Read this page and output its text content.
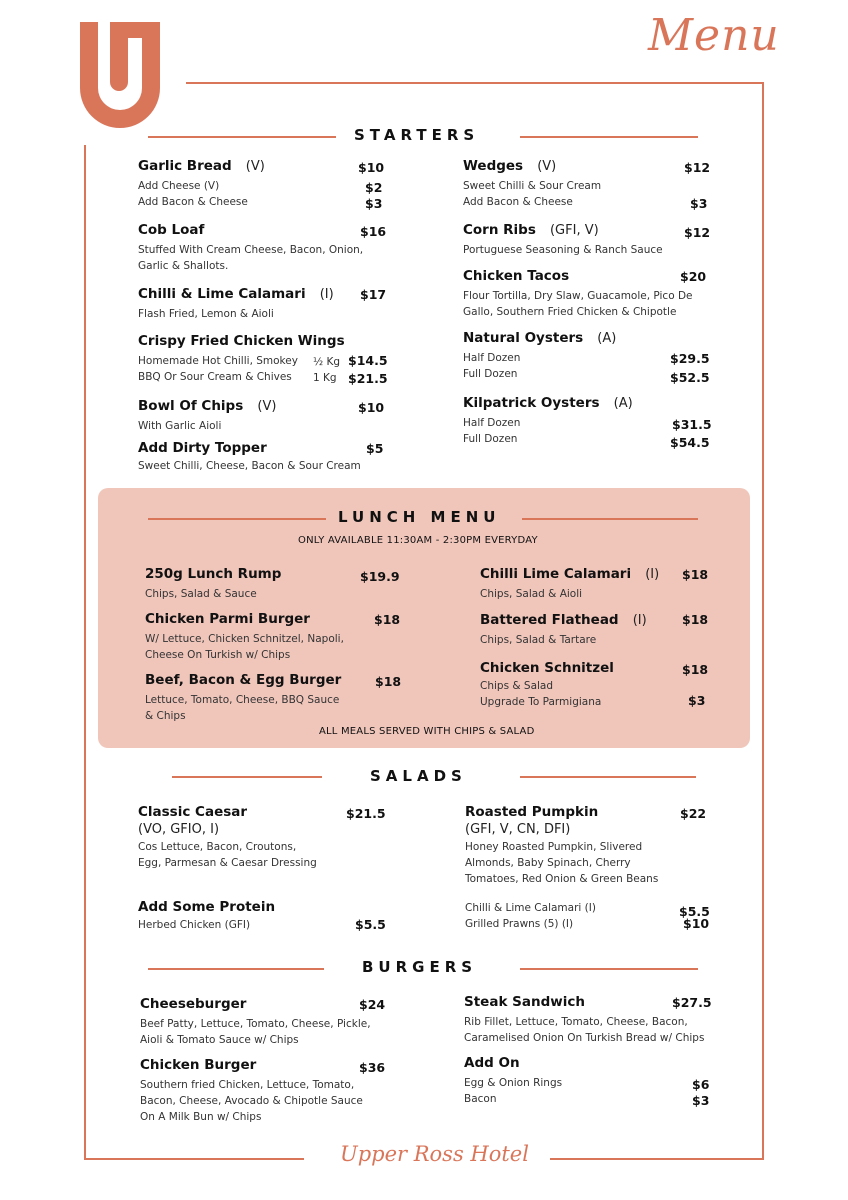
Menu
STARTERS
Garlic Bread (V)
Add Cheese (V)
Add Bacon & Cheese
$10
$2
$3
Cob Loaf
Stuffed With Cream Cheese, Bacon, Onion,
Garlic & Shallots.
$16
Chilli & Lime Calamari (I)
Flash Fried, Lemon & Aioli
$17
Crispy Fried Chicken Wings
Homemade Hot Chilli, Smokey
BBQ Or Sour Cream & Chives
½ Kg
1 Kg
$14.5
$21.5
Bowl Of Chips (V)
With Garlic Aioli
$10
Add Dirty Topper
Sweet Chilli, Cheese, Bacon & Sour Cream
$5
Wedges (V)
Sweet Chilli & Sour Cream
Add Bacon & Cheese
$12
$3
Corn Ribs (GFI, V)
Portuguese Seasoning & Ranch Sauce
$12
Chicken Tacos
Flour Tortilla, Dry Slaw, Guacamole, Pico De
Gallo, Southern Fried Chicken & Chipotle
$20
Natural Oysters (A)
Half Dozen
Full Dozen
$29.5
$52.5
Kilpatrick Oysters (A)
Half Dozen
Full Dozen
$31.5
$54.5
LUNCH MENU
ONLY AVAILABLE 11:30AM - 2:30PM EVERYDAY
250g Lunch Rump
Chips, Salad & Sauce
$19.9
Chicken Parmi Burger
W/ Lettuce, Chicken Schnitzel, Napoli,
Cheese On Turkish w/ Chips
$18
Beef, Bacon & Egg Burger
Lettuce, Tomato, Cheese, BBQ Sauce
& Chips
$18
Chilli Lime Calamari (I)
Chips, Salad & Aioli
$18
Battered Flathead (I)
Chips, Salad & Tartare
$18
Chicken Schnitzel
Chips & Salad
Upgrade To Parmigiana
$18
$3
ALL MEALS SERVED WITH CHIPS & SALAD
SALADS
Classic Caesar
(VO, GFIO, I)
Cos Lettuce, Bacon, Croutons,
Egg, Parmesan & Caesar Dressing
$21.5
Add Some Protein
Herbed Chicken (GFI)	$5.5
Roasted Pumpkin
(GFI, V, CN, DFI)
Honey Roasted Pumpkin, Slivered
Almonds, Baby Spinach, Cherry
Tomatoes, Red Onion & Green Beans
$22
Chilli & Lime Calamari (I)
Grilled Prawns (5) (I)
$5.5
$10
BURGERS
Cheeseburger
Beef Patty, Lettuce, Tomato, Cheese, Pickle,
Aioli & Tomato Sauce w/ Chips
$24
Chicken Burger
Southern fried Chicken, Lettuce, Tomato,
Bacon, Cheese, Avocado & Chipotle Sauce
On A Milk Bun w/ Chips
$36
Steak Sandwich
Rib Fillet, Lettuce, Tomato, Cheese, Bacon,
Caramelised Onion On Turkish Bread w/ Chips
$27.5
Add On
Egg & Onion Rings
Bacon
$6
$3
Upper Ross Hotel
